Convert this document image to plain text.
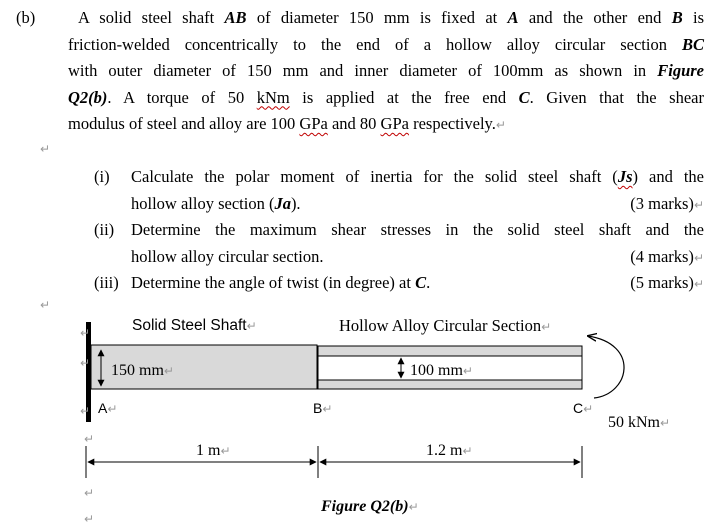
(b)	A solid steel shaft AB of diameter 150 mm is fixed at A and the other end B is
friction-welded concentrically to the end of a hollow alloy circular section BC
with outer diameter of 150 mm and inner diameter of 100mm as shown in Figure
Q2(b). A torque of 50 kNm is applied at the free end C. Given that the shear
modulus of steel and alloy are 100 GPa and 80 GPa respectively.↵
↵
↵
(i) Calculate the polar moment of inertia for the solid steel shaft (Js) and the
hollow alloy section (Ja).	(3 marks)↵
(ii) Determine the maximum shear stresses in the solid steel shaft and the
hollow alloy circular section.	(4 marks)↵
(iii) Determine the angle of twist (in degree) at C.	(5 marks)↵
Solid Steel Shaft↵	Hollow Alloy Circular Section↵
150 mm↵	100 mm↵
A↵	B↵	C↵
50 kNm↵
1 m↵	1.2 m↵
Figure Q2(b)↵
↵
↵
↵
↵
↵
↵
